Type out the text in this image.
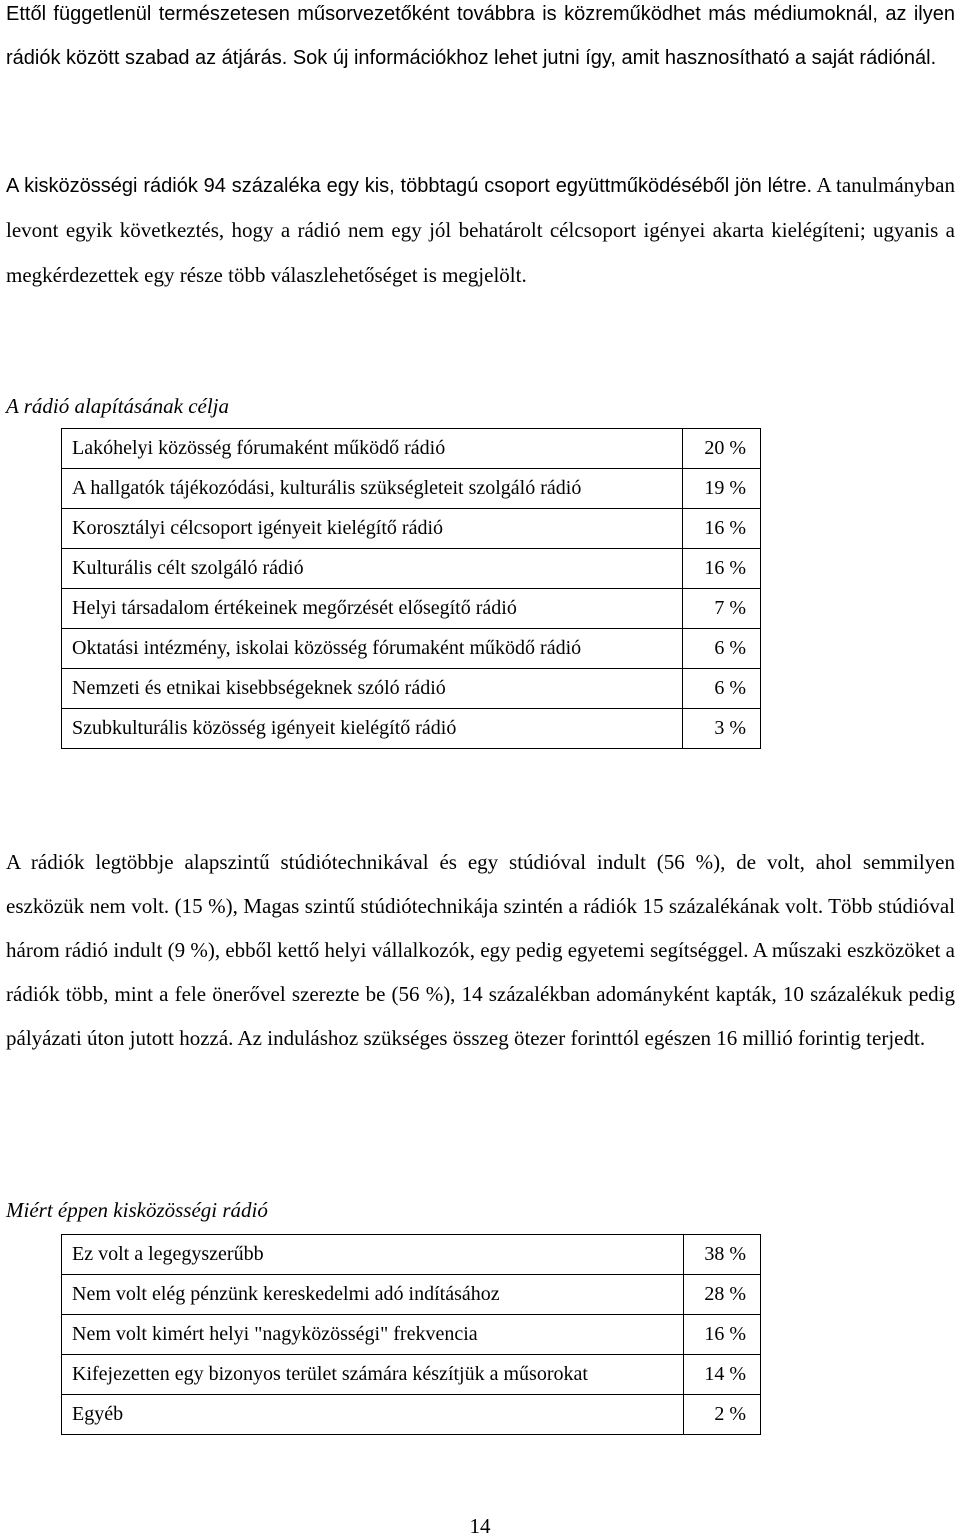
Ettől függetlenül természetesen műsorvezetőként továbbra is közreműködhet más médiumoknál, az ilyen rádiók között szabad az átjárás. Sok új információkhoz lehet jutni így, amit hasznosítható a saját rádiónál.

A kisközösségi rádiók 94 százaléka egy kis, többtagú csoport együttműködéséből jön létre. A tanulmányban levont egyik következtés, hogy a rádió nem egy jól behatárolt célcsoport igényei akarta kielégíteni; ugyanis a megkérdezettek egy része több válaszlehetőséget is megjelölt.

A rádió alapításának célja

Lakóhelyi közösség fórumaként működő rádió	20 %
A hallgatók tájékozódási, kulturális szükségleteit szolgáló rádió	19 %
Korosztályi célcsoport igényeit kielégítő rádió	16 %
Kulturális célt szolgáló rádió	16 %
Helyi társadalom értékeinek megőrzését elősegítő rádió	7 %
Oktatási intézmény, iskolai közösség fórumaként működő rádió	6 %
Nemzeti és etnikai kisebbségeknek szóló rádió	6 %
Szubkulturális közösség igényeit kielégítő rádió	3 %

A rádiók legtöbbje alapszintű stúdiótechnikával és egy stúdióval indult (56 %), de volt, ahol semmilyen eszközük nem volt. (15 %), Magas szintű stúdiótechnikája szintén a rádiók 15 százalékának volt. Több stúdióval három rádió indult (9 %), ebből kettő helyi vállalkozók, egy pedig egyetemi segítséggel. A műszaki eszközöket a rádiók több, mint a fele önerővel szerezte be (56 %), 14 százalékban adományként kapták, 10 százalékuk pedig pályázati úton jutott hozzá. Az induláshoz szükséges összeg ötezer forinttól egészen 16 millió forintig terjedt.

Miért éppen kisközösségi rádió

Ez volt a legegyszerűbb	38 %
Nem volt elég pénzünk kereskedelmi adó indításához	28 %
Nem volt kimért helyi "nagyközösségi" frekvencia	16 %
Kifejezetten egy bizonyos terület számára készítjük a műsorokat	14 %
Egyéb	2 %
14
